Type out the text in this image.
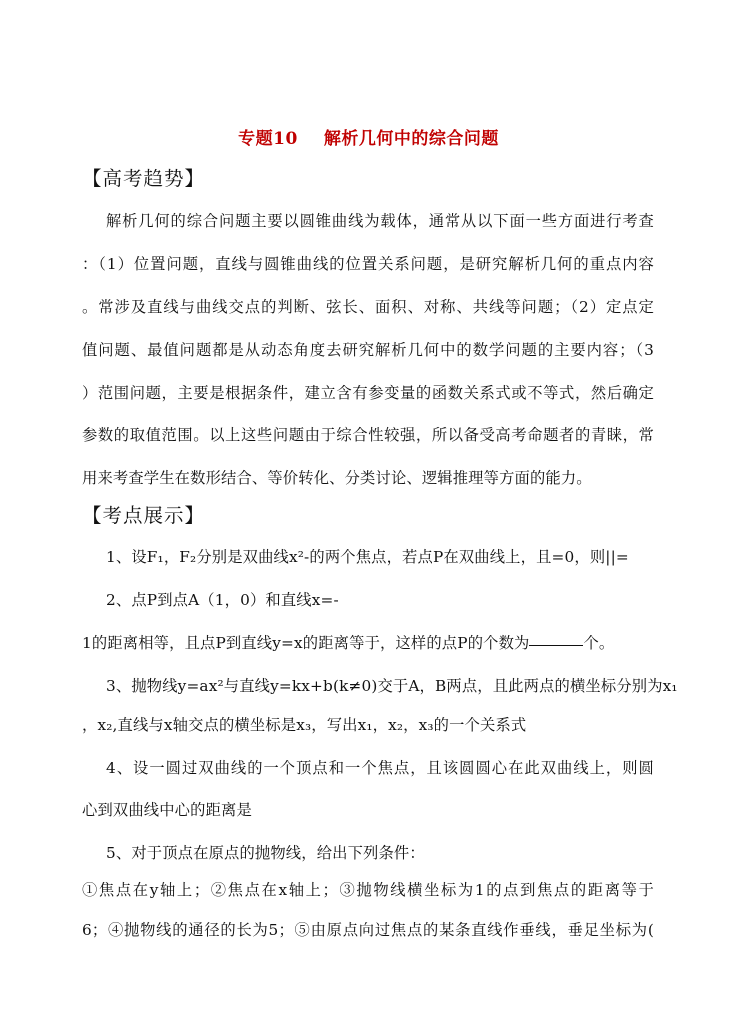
专题10 解析几何中的综合问题
【高考趋势】
解析几何的综合问题主要以圆锥曲线为载体，通常从以下面一些方面进行考查
：（1）位置问题，直线与圆锥曲线的位置关系问题，是研究解析几何的重点内容
。常涉及直线与曲线交点的判断、弦长、面积、对称、共线等问题；（2）定点定
值问题、最值问题都是从动态角度去研究解析几何中的数学问题的主要内容；（3
）范围问题，主要是根据条件，建立含有参变量的函数关系式或不等式，然后确定
参数的取值范围。以上这些问题由于综合性较强，所以备受高考命题者的青睐，常
用来考查学生在数形结合、等价转化、分类讨论、逻辑推理等方面的能力。
【考点展示】
1、设F₁，F₂分别是双曲线x²-的两个焦点，若点P在双曲线上，且=0，则||=
2、点P到点A（1，0）和直线x=-
1的距离相等，且点P到直线y=x的距离等于，这样的点P的个数为	个。
3、抛物线y=ax²与直线y=kx+b(k≠0)交于A，B两点，且此两点的横坐标分别为x₁
，x₂,直线与x轴交点的横坐标是x₃，写出x₁，x₂，x₃的一个关系式
4、设一圆过双曲线的一个顶点和一个焦点，且该圆圆心在此双曲线上，则圆
心到双曲线中心的距离是
5、对于顶点在原点的抛物线，给出下列条件：
①焦点在y轴上；②焦点在x轴上；③抛物线横坐标为1的点到焦点的距离等于
6；④抛物线的通径的长为5；⑤由原点向过焦点的某条直线作垂线，垂足坐标为(
